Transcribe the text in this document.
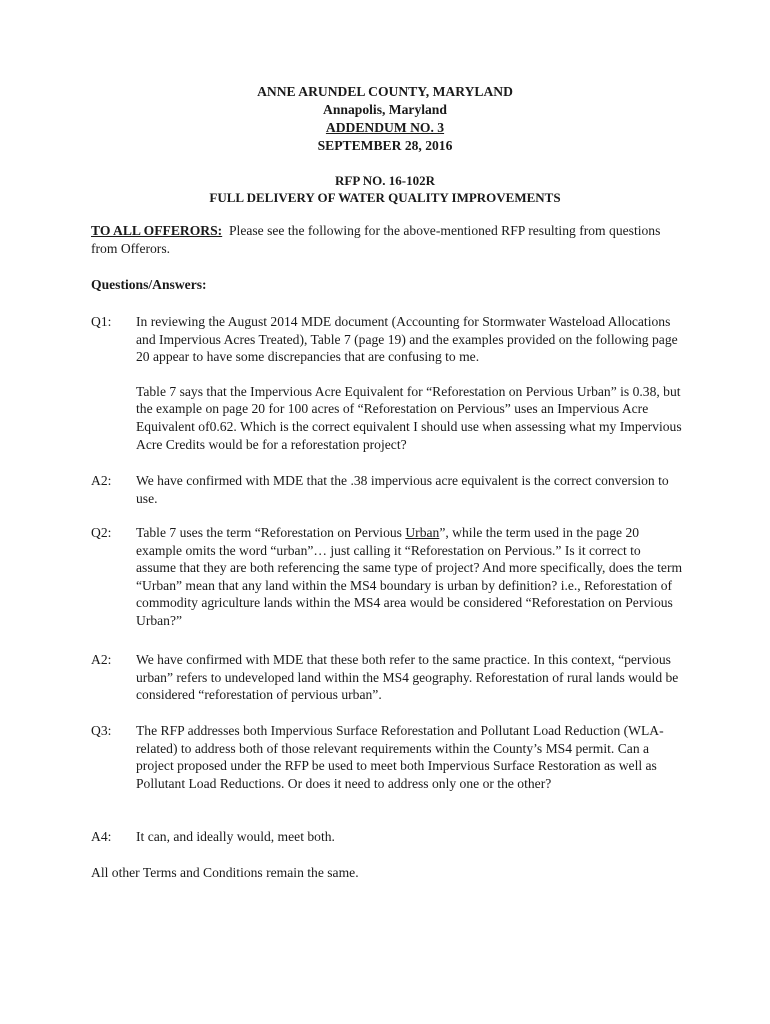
ANNE ARUNDEL COUNTY, MARYLAND
Annapolis, Maryland
ADDENDUM NO. 3
SEPTEMBER 28, 2016
RFP NO. 16-102R
FULL DELIVERY OF WATER QUALITY IMPROVEMENTS
TO ALL OFFERORS: Please see the following for the above-mentioned RFP resulting from questions from Offerors.
Questions/Answers:
Q1:	In reviewing the August 2014 MDE document (Accounting for Stormwater Wasteload Allocations and Impervious Acres Treated), Table 7 (page 19) and the examples provided on the following page 20 appear to have some discrepancies that are confusing to me.

Table 7 says that the Impervious Acre Equivalent for “Reforestation on Pervious Urban” is 0.38, but the example on page 20 for 100 acres of “Reforestation on Pervious” uses an Impervious Acre Equivalent of0.62. Which is the correct equivalent I should use when assessing what my Impervious Acre Credits would be for a reforestation project?

A2:	We have confirmed with MDE that the .38 impervious acre equivalent is the correct conversion to use.

Q2:	Table 7 uses the term “Reforestation on Pervious Urban”, while the term used in the page 20 example omits the word “urban”… just calling it “Reforestation on Pervious.” Is it correct to assume that they are both referencing the same type of project? And more specifically, does the term “Urban” mean that any land within the MS4 boundary is urban by definition? i.e., Reforestation of commodity agriculture lands within the MS4 area would be considered “Reforestation on Pervious Urban?”

A2:	We have confirmed with MDE that these both refer to the same practice. In this context, “pervious urban” refers to undeveloped land within the MS4 geography. Reforestation of rural lands would be considered “reforestation of pervious urban”.

Q3:	The RFP addresses both Impervious Surface Reforestation and Pollutant Load Reduction (WLA-related) to address both of those relevant requirements within the County’s MS4 permit. Can a project proposed under the RFP be used to meet both Impervious Surface Restoration as well as Pollutant Load Reductions. Or does it need to address only one or the other?

A4:	It can, and ideally would, meet both.

All other Terms and Conditions remain the same.
